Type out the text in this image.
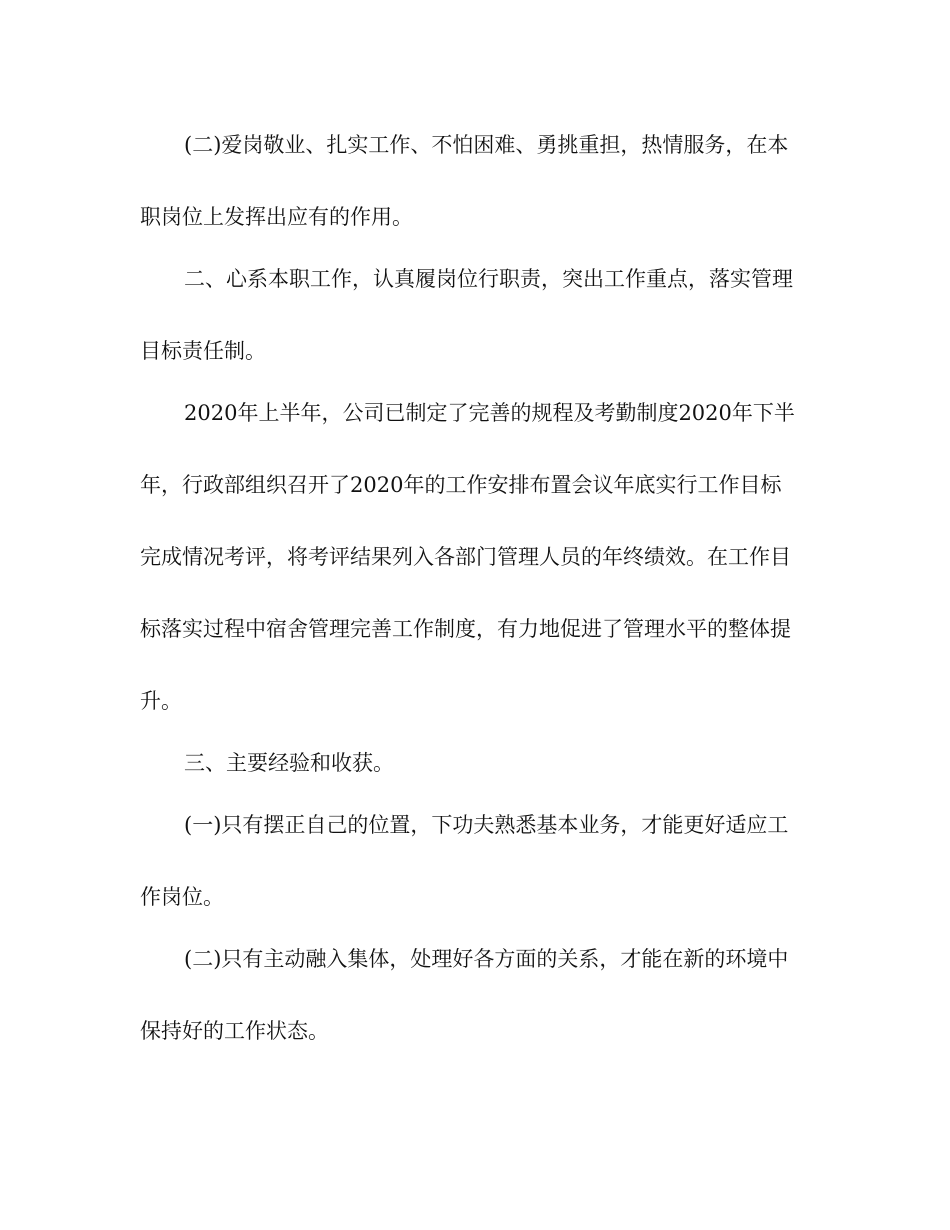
(二)爱岗敬业、扎实工作、不怕困难、勇挑重担，热情服务，在本
职岗位上发挥出应有的作用。
二、心系本职工作，认真履岗位行职责，突出工作重点，落实管理
目标责任制。
2020年上半年，公司已制定了完善的规程及考勤制度2020年下半
年，行政部组织召开了2020年的工作安排布置会议年底实行工作目标
完成情况考评，将考评结果列入各部门管理人员的年终绩效。在工作目
标落实过程中宿舍管理完善工作制度，有力地促进了管理水平的整体提
升。
三、主要经验和收获。
(一)只有摆正自己的位置，下功夫熟悉基本业务，才能更好适应工
作岗位。
(二)只有主动融入集体，处理好各方面的关系，才能在新的环境中
保持好的工作状态。
